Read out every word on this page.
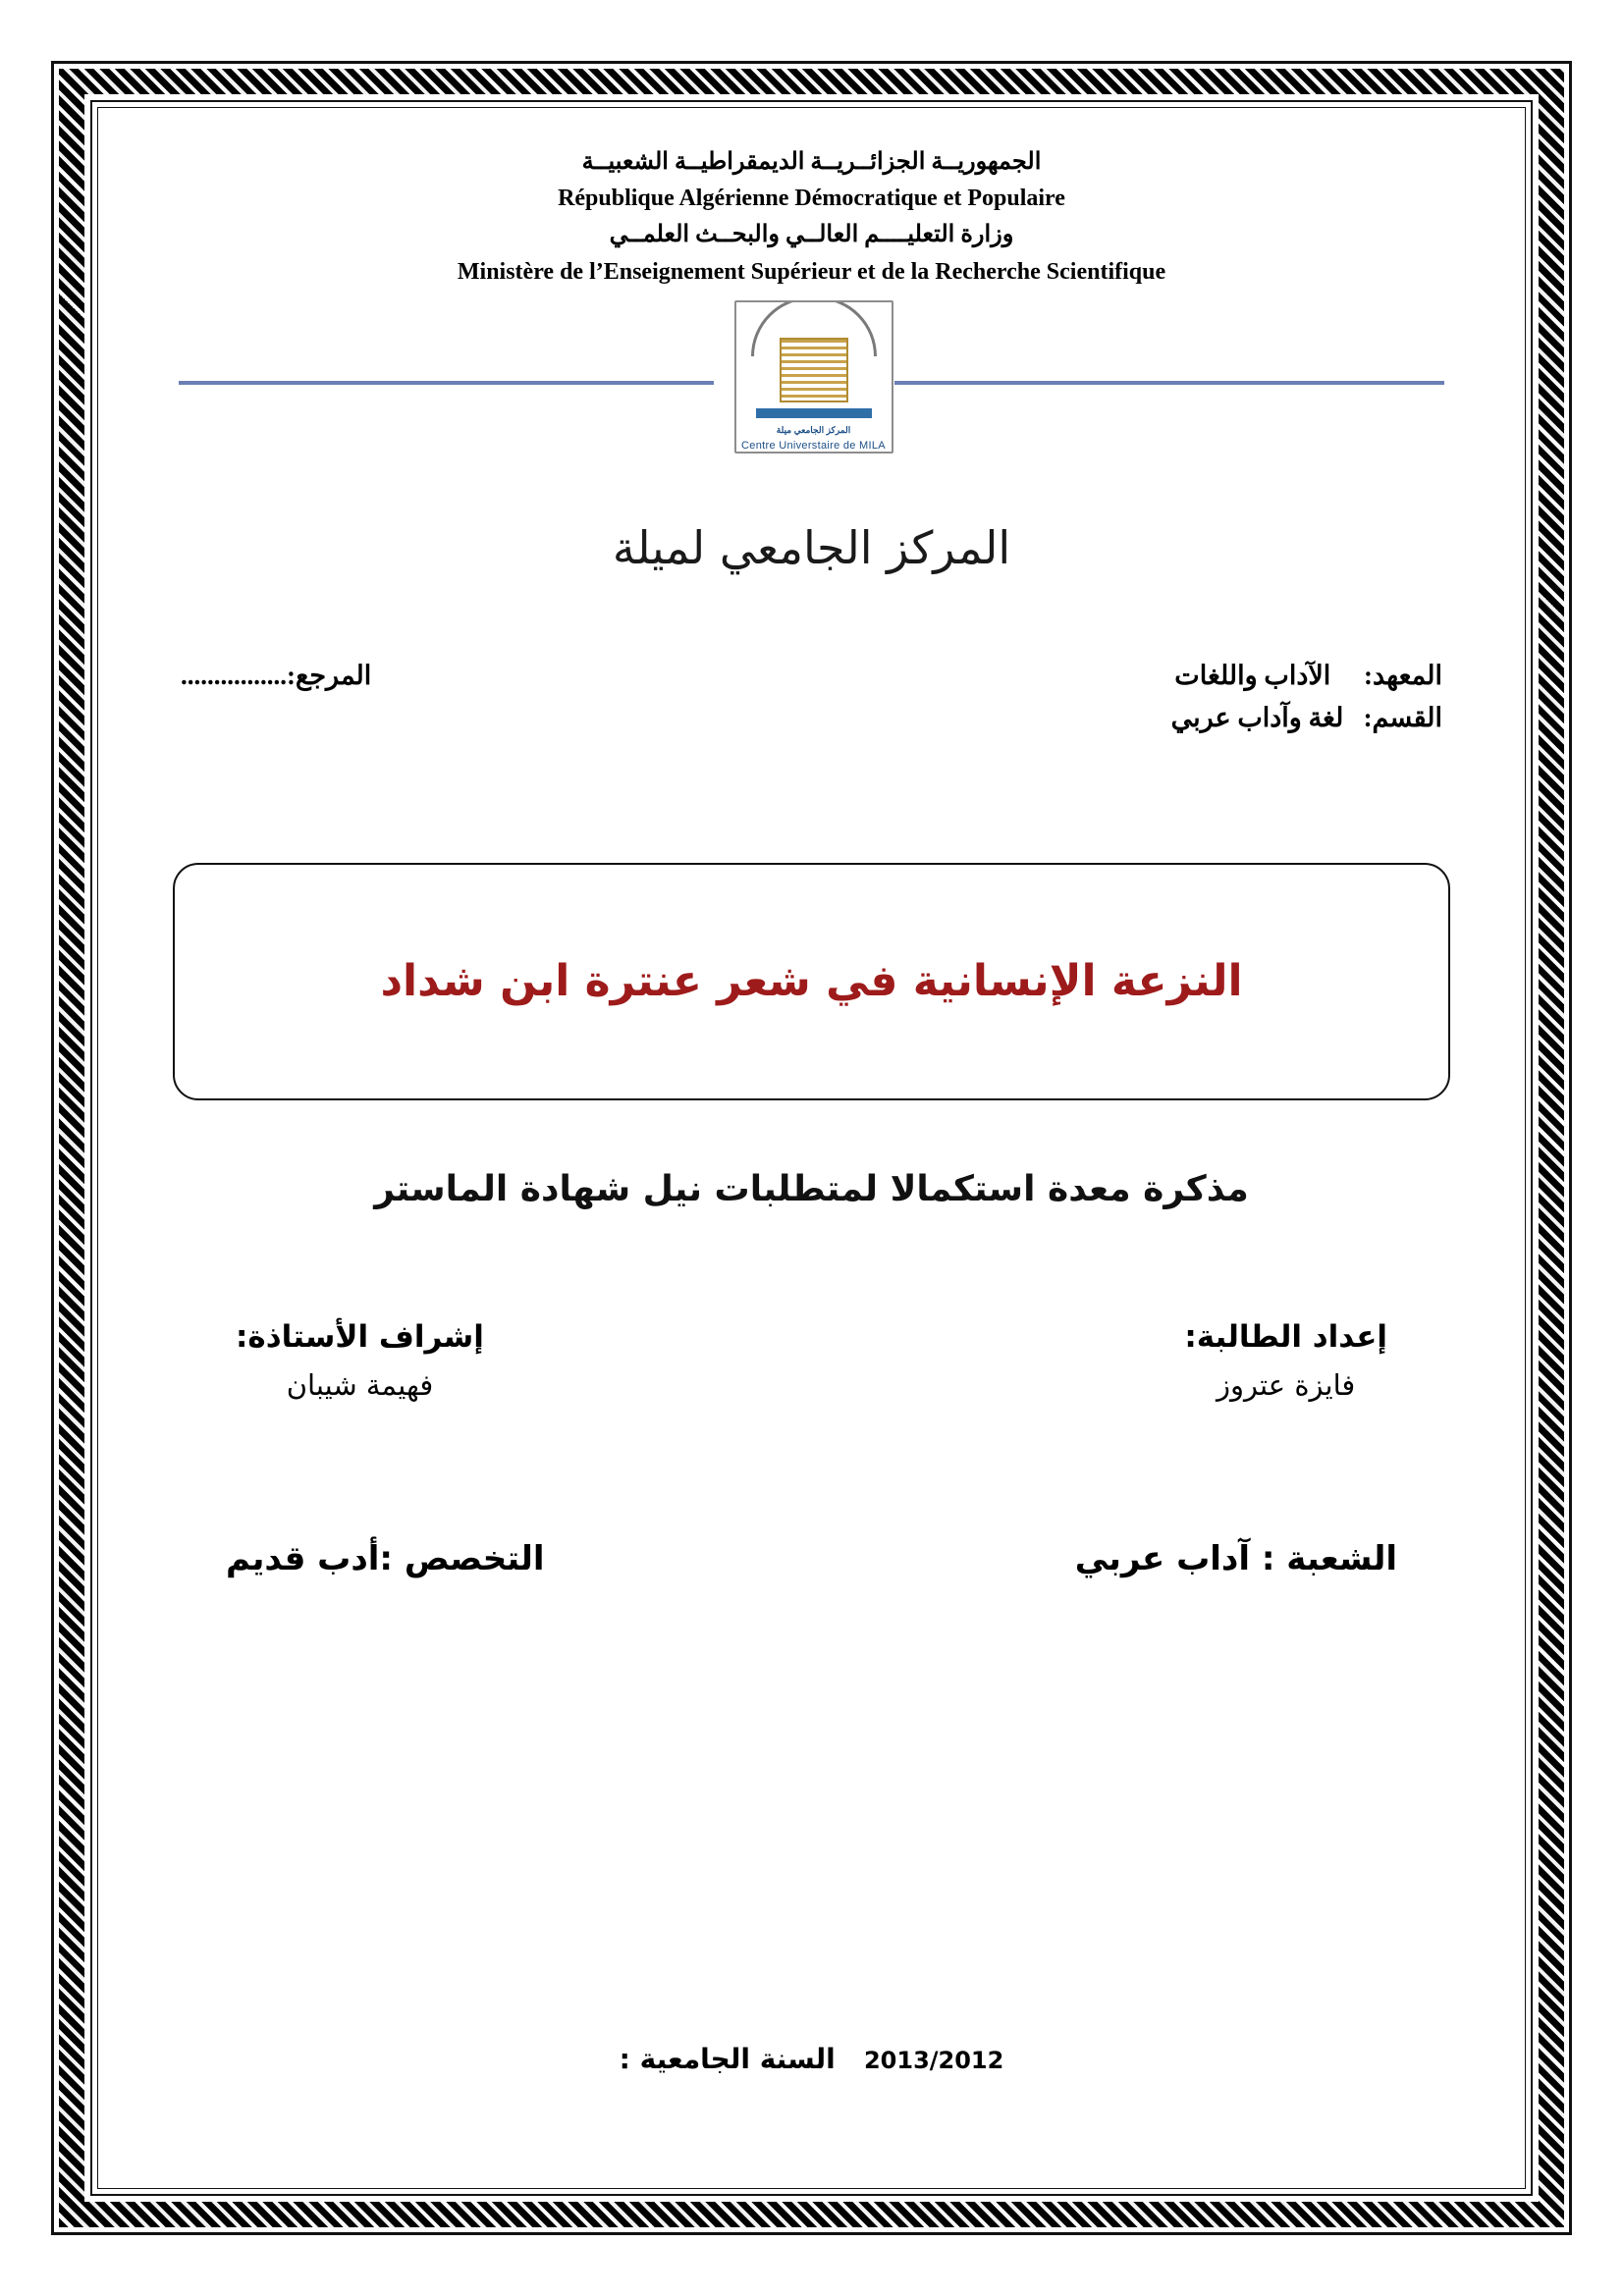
الجمهوريــة الجزائــريــة الديمقراطيــة الشعبيــة
République Algérienne Démocratique et Populaire
وزارة التعليــــم العالــي والبحــث العلمــي
Ministère de l’Enseignement Supérieur et de la Recherche Scientifique
المركز الجامعي ميلة
Centre Universtaire de MILA
المركز الجامعي لميلة
المعهد:     الآداب واللغات
المرجع:................
القسم:   لغة وآداب عربي
النزعة الإنسانية في شعر عنترة ابن شداد
مذكرة معدة استكمالا لمتطلبات نيل شهادة الماستر
إعداد الطالبة:
فايزة عتروز
إشراف الأستاذة:
فهيمة شيبان
الشعبة : آداب عربي
التخصص :أدب قديم
2013/2012   السنة الجامعية :
